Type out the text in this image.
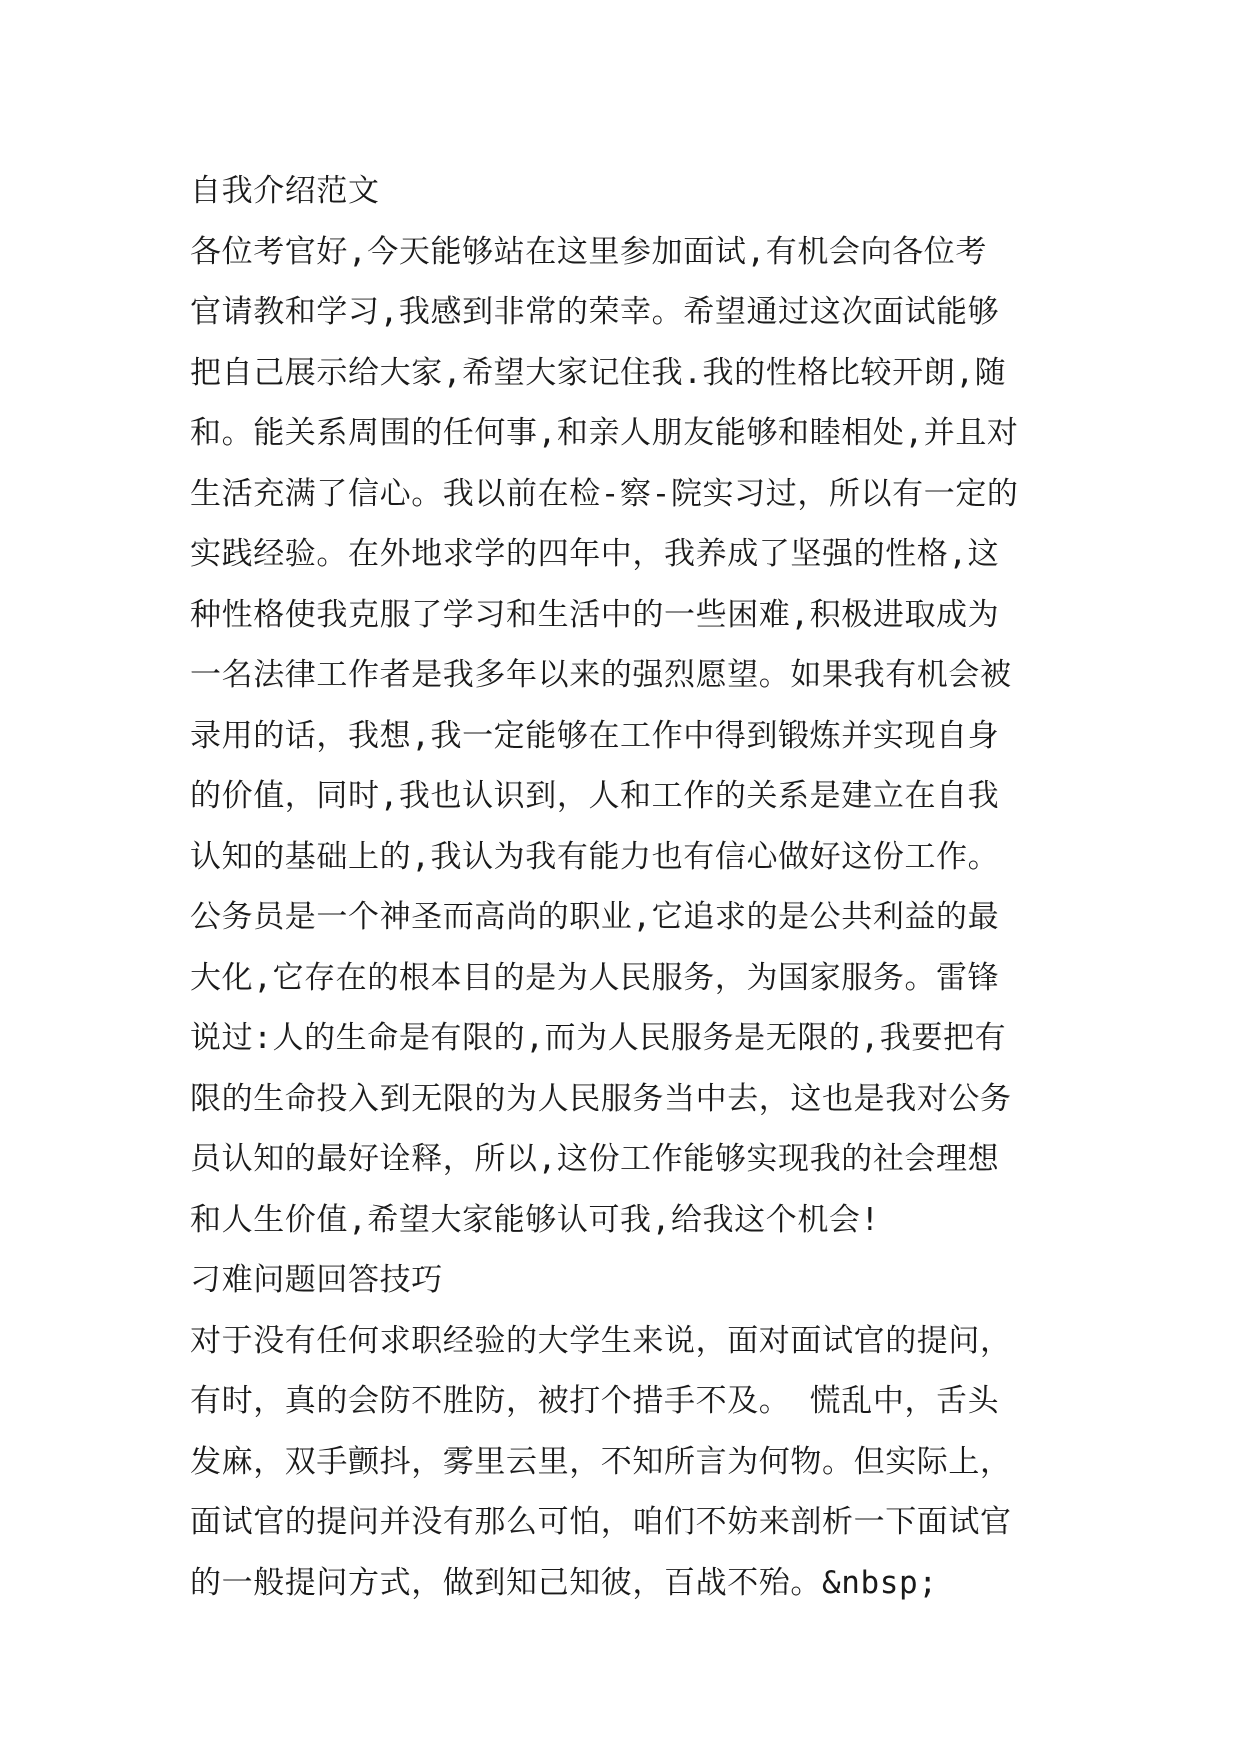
自我介绍范文
各位考官好,今天能够站在这里参加面试,有机会向各位考
官请教和学习,我感到非常的荣幸。希望通过这次面试能够
把自己展示给大家,希望大家记住我.我的性格比较开朗,随
和。能关系周围的任何事,和亲人朋友能够和睦相处,并且对
生活充满了信心。我以前在检-察-院实习过，所以有一定的
实践经验。在外地求学的四年中，我养成了坚强的性格,这
种性格使我克服了学习和生活中的一些困难,积极进取成为
一名法律工作者是我多年以来的强烈愿望。如果我有机会被
录用的话，我想,我一定能够在工作中得到锻炼并实现自身
的价值，同时,我也认识到，人和工作的关系是建立在自我
认知的基础上的,我认为我有能力也有信心做好这份工作。
公务员是一个神圣而高尚的职业,它追求的是公共利益的最
大化,它存在的根本目的是为人民服务，为国家服务。雷锋
说过:人的生命是有限的,而为人民服务是无限的,我要把有
限的生命投入到无限的为人民服务当中去，这也是我对公务
员认知的最好诠释，所以,这份工作能够实现我的社会理想
和人生价值,希望大家能够认可我,给我这个机会!
刁难问题回答技巧
对于没有任何求职经验的大学生来说，面对面试官的提问，
有时，真的会防不胜防，被打个措手不及。 慌乱中，舌头
发麻，双手颤抖，雾里云里，不知所言为何物。但实际上，
面试官的提问并没有那么可怕，咱们不妨来剖析一下面试官
的一般提问方式，做到知己知彼，百战不殆。&nbsp;
